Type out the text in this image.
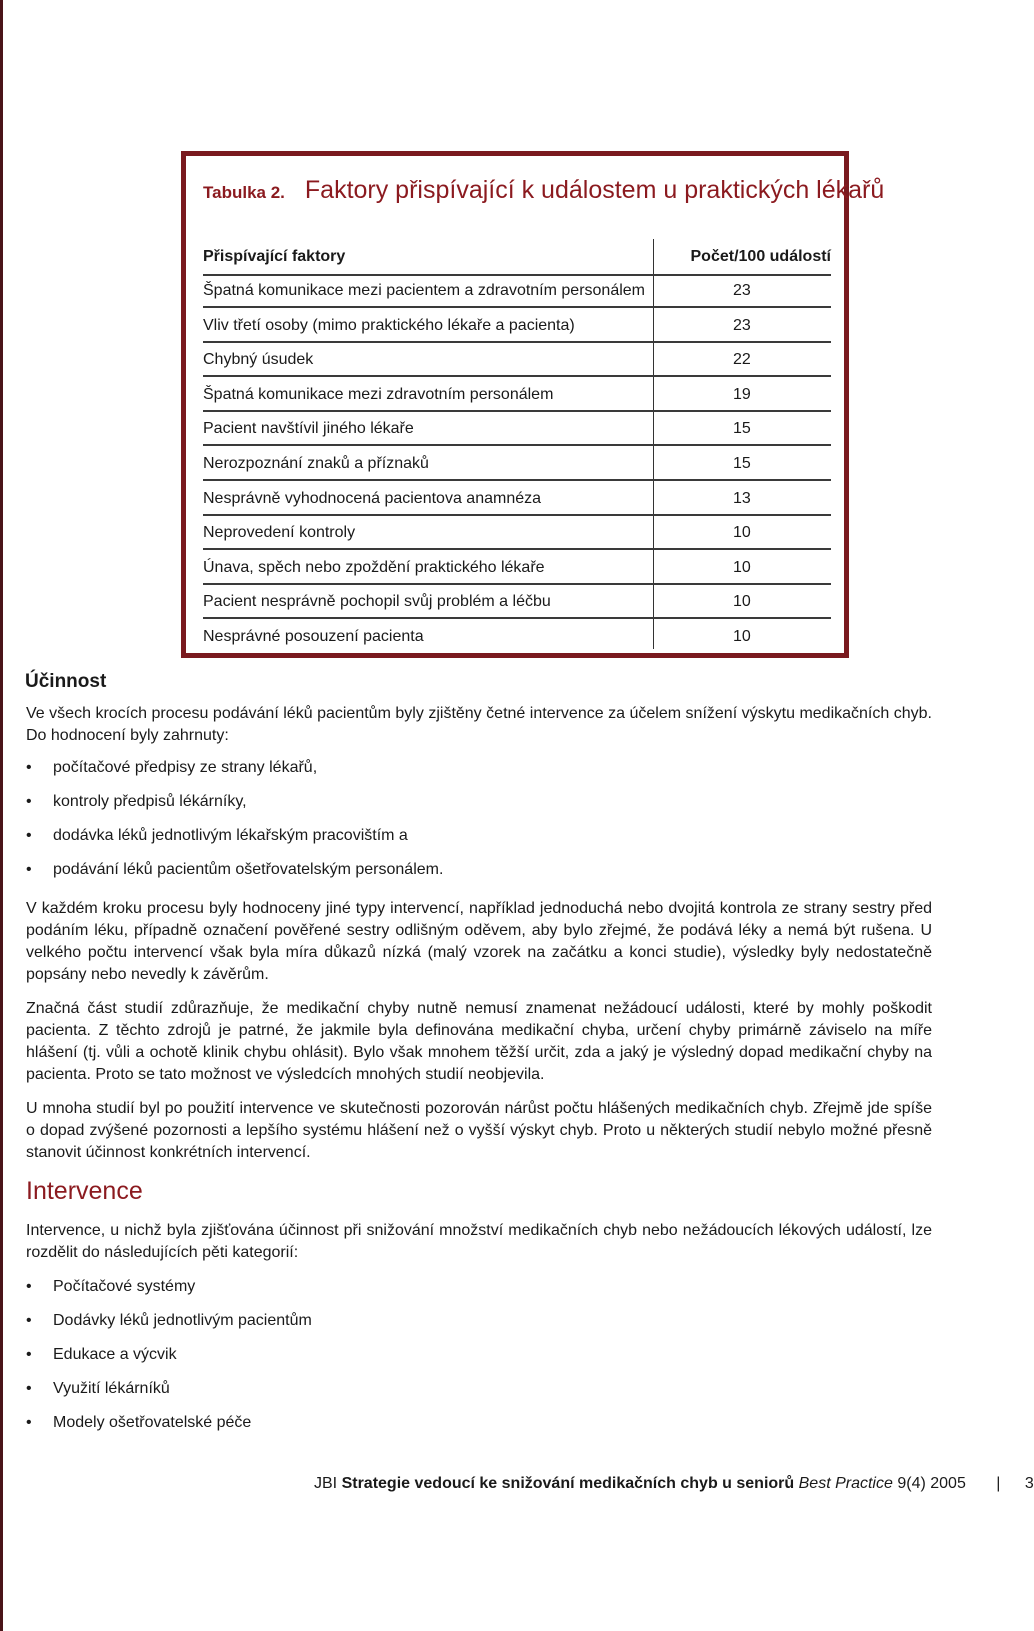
Tabulka 2. Faktory přispívající k událostem u praktických lékařů
Přispívající faktory	Počet/100 událostí
Špatná komunikace mezi pacientem a zdravotním personálem	23
Vliv třetí osoby (mimo praktického lékaře a pacienta)	23
Chybný úsudek	22
Špatná komunikace mezi zdravotním personálem	19
Pacient navštívil jiného lékaře	15
Nerozpoznání znaků a příznaků	15
Nesprávně vyhodnocená pacientova anamnéza	13
Neprovedení kontroly	10
Únava, spěch nebo zpoždění praktického lékaře	10
Pacient nesprávně pochopil svůj problém a léčbu	10
Nesprávné posouzení pacienta	10
Účinnost
Ve všech krocích procesu podávání léků pacientům byly zjištěny četné intervence za účelem snížení výskytu medikačních chyb. Do hodnocení byly zahrnuty:
• počítačové předpisy ze strany lékařů,
• kontroly předpisů lékárníky,
• dodávka léků jednotlivým lékařským pracovištím a
• podávání léků pacientům ošetřovatelským personálem.
V každém kroku procesu byly hodnoceny jiné typy intervencí, například jednoduchá nebo dvojitá kontrola ze strany sestry před podáním léku, případně označení pověřené sestry odlišným oděvem, aby bylo zřejmé, že podává léky a nemá být rušena. U velkého počtu intervencí však byla míra důkazů nízká (malý vzorek na začátku a konci studie), výsledky byly nedostatečně popsány nebo nevedly k závěrům.
Značná část studií zdůrazňuje, že medikační chyby nutně nemusí znamenat nežádoucí události, které by mohly poškodit pacienta. Z těchto zdrojů je patrné, že jakmile byla definována medikační chyba, určení chyby primárně záviselo na míře hlášení (tj. vůli a ochotě klinik chybu ohlásit). Bylo však mnohem těžší určit, zda a jaký je výsledný dopad medikační chyby na pacienta. Proto se tato možnost ve výsledcích mnohých studií neobjevila.
U mnoha studií byl po použití intervence ve skutečnosti pozorován nárůst počtu hlášených medikačních chyb. Zřejmě jde spíše o dopad zvýšené pozornosti a lepšího systému hlášení než o vyšší výskyt chyb. Proto u některých studií nebylo možné přesně stanovit účinnost konkrétních intervencí.
Intervence
Intervence, u nichž byla zjišťována účinnost při snižování množství medikačních chyb nebo nežádoucích lékových událostí, lze rozdělit do následujících pěti kategorií:
• Počítačové systémy
• Dodávky léků jednotlivým pacientům
• Edukace a výcvik
• Využití lékárníků
• Modely ošetřovatelské péče
JBI Strategie vedoucí ke snižování medikačních chyb u seniorů Best Practice 9(4) 2005 | 3
